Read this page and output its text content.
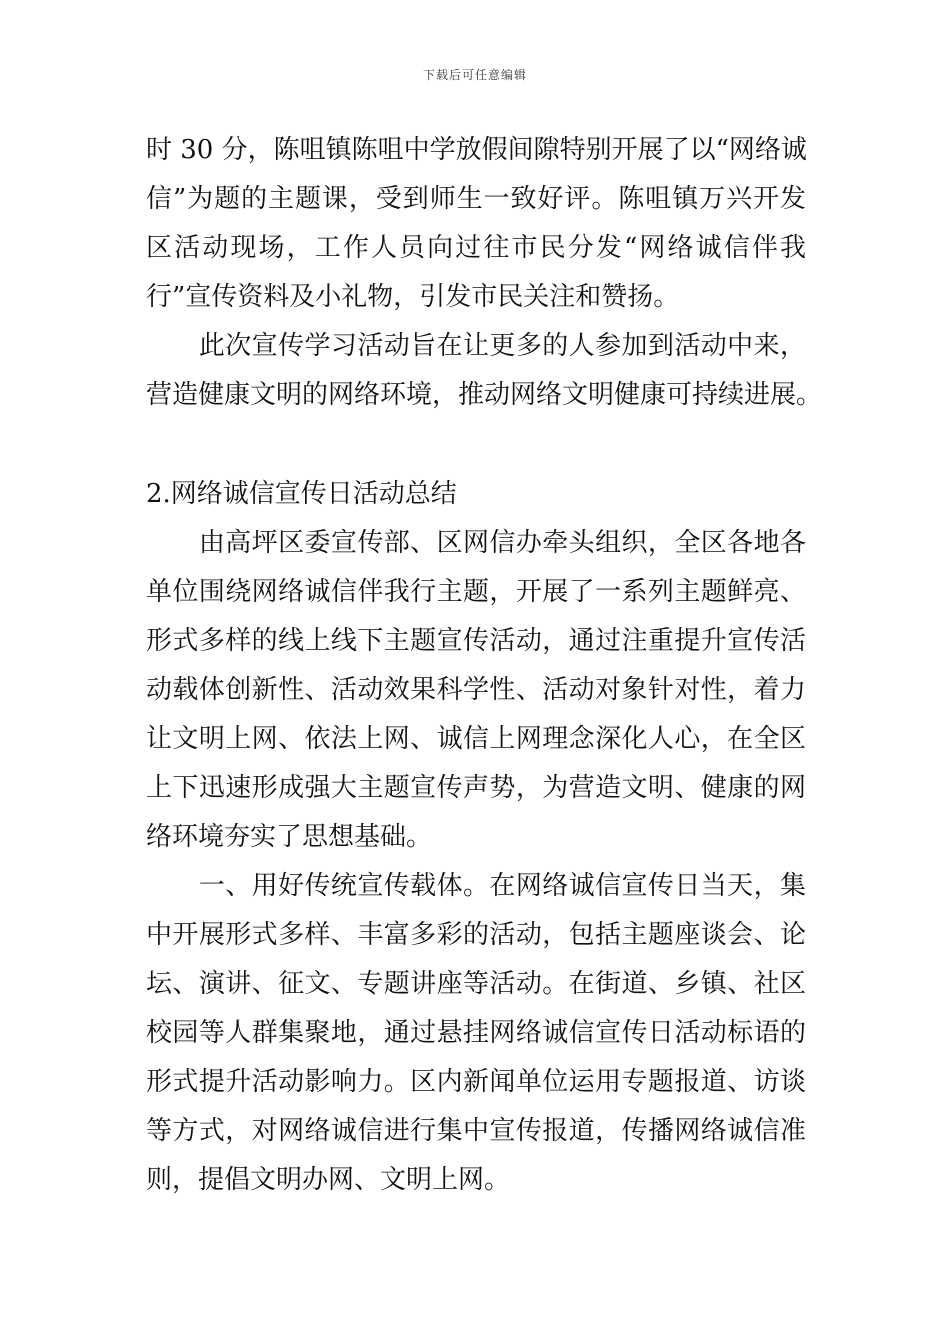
下载后可任意编辑
时 30 分，陈咀镇陈咀中学放假间隙特别开展了以“网络诚
信”为题的主题课，受到师生一致好评。陈咀镇万兴开发
区活动现场，工作人员向过往市民分发“网络诚信伴我
行”宣传资料及小礼物，引发市民关注和赞扬。
　　此次宣传学习活动旨在让更多的人参加到活动中来，
营造健康文明的网络环境，推动网络文明健康可持续进展。
2.网络诚信宣传日活动总结
　　由高坪区委宣传部、区网信办牵头组织，全区各地各
单位围绕网络诚信伴我行主题，开展了一系列主题鲜亮、
形式多样的线上线下主题宣传活动，通过注重提升宣传活
动载体创新性、活动效果科学性、活动对象针对性，着力
让文明上网、依法上网、诚信上网理念深化人心，在全区
上下迅速形成强大主题宣传声势，为营造文明、健康的网
络环境夯实了思想基础。
　　一、用好传统宣传载体。在网络诚信宣传日当天，集
中开展形式多样、丰富多彩的活动，包括主题座谈会、论
坛、演讲、征文、专题讲座等活动。在街道、乡镇、社区
校园等人群集聚地，通过悬挂网络诚信宣传日活动标语的
形式提升活动影响力。区内新闻单位运用专题报道、访谈
等方式，对网络诚信进行集中宣传报道，传播网络诚信准
则，提倡文明办网、文明上网。
